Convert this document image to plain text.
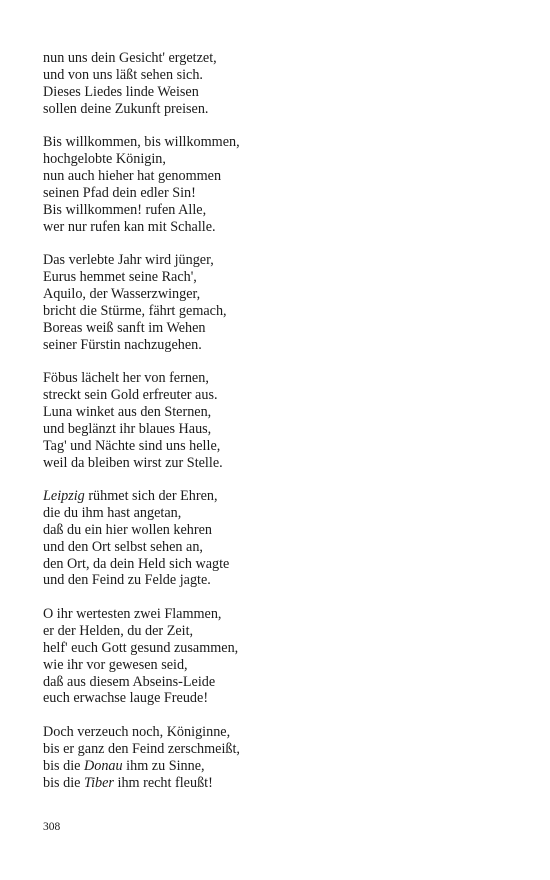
nun uns dein Gesicht' ergetzet,
und von uns läßt sehen sich.
Dieses Liedes linde Weisen
sollen deine Zukunft preisen.
Bis willkommen, bis willkommen,
hochgelobte Königin,
nun auch hieher hat genommen
seinen Pfad dein edler Sin!
Bis willkommen! rufen Alle,
wer nur rufen kan mit Schalle.
Das verlebte Jahr wird jünger,
Eurus hemmet seine Rach',
Aquilo, der Wasserzwinger,
bricht die Stürme, fährt gemach,
Boreas weiß sanft im Wehen
seiner Fürstin nachzugehen.
Föbus lächelt her von fernen,
streckt sein Gold erfreuter aus.
Luna winket aus den Sternen,
und beglänzt ihr blaues Haus,
Tag' und Nächte sind uns helle,
weil da bleiben wirst zur Stelle.
Leipzig rühmet sich der Ehren,
die du ihm hast angetan,
daß du ein hier wollen kehren
und den Ort selbst sehen an,
den Ort, da dein Held sich wagte
und den Feind zu Felde jagte.
O ihr wertesten zwei Flammen,
er der Helden, du der Zeit,
helf' euch Gott gesund zusammen,
wie ihr vor gewesen seid,
daß aus diesem Abseins-Leide
euch erwachse lauge Freude!
Doch verzeuch noch, Königinne,
bis er ganz den Feind zerschmeißt,
bis die Donau ihm zu Sinne,
bis die Tiber ihm recht fleußt!
308
